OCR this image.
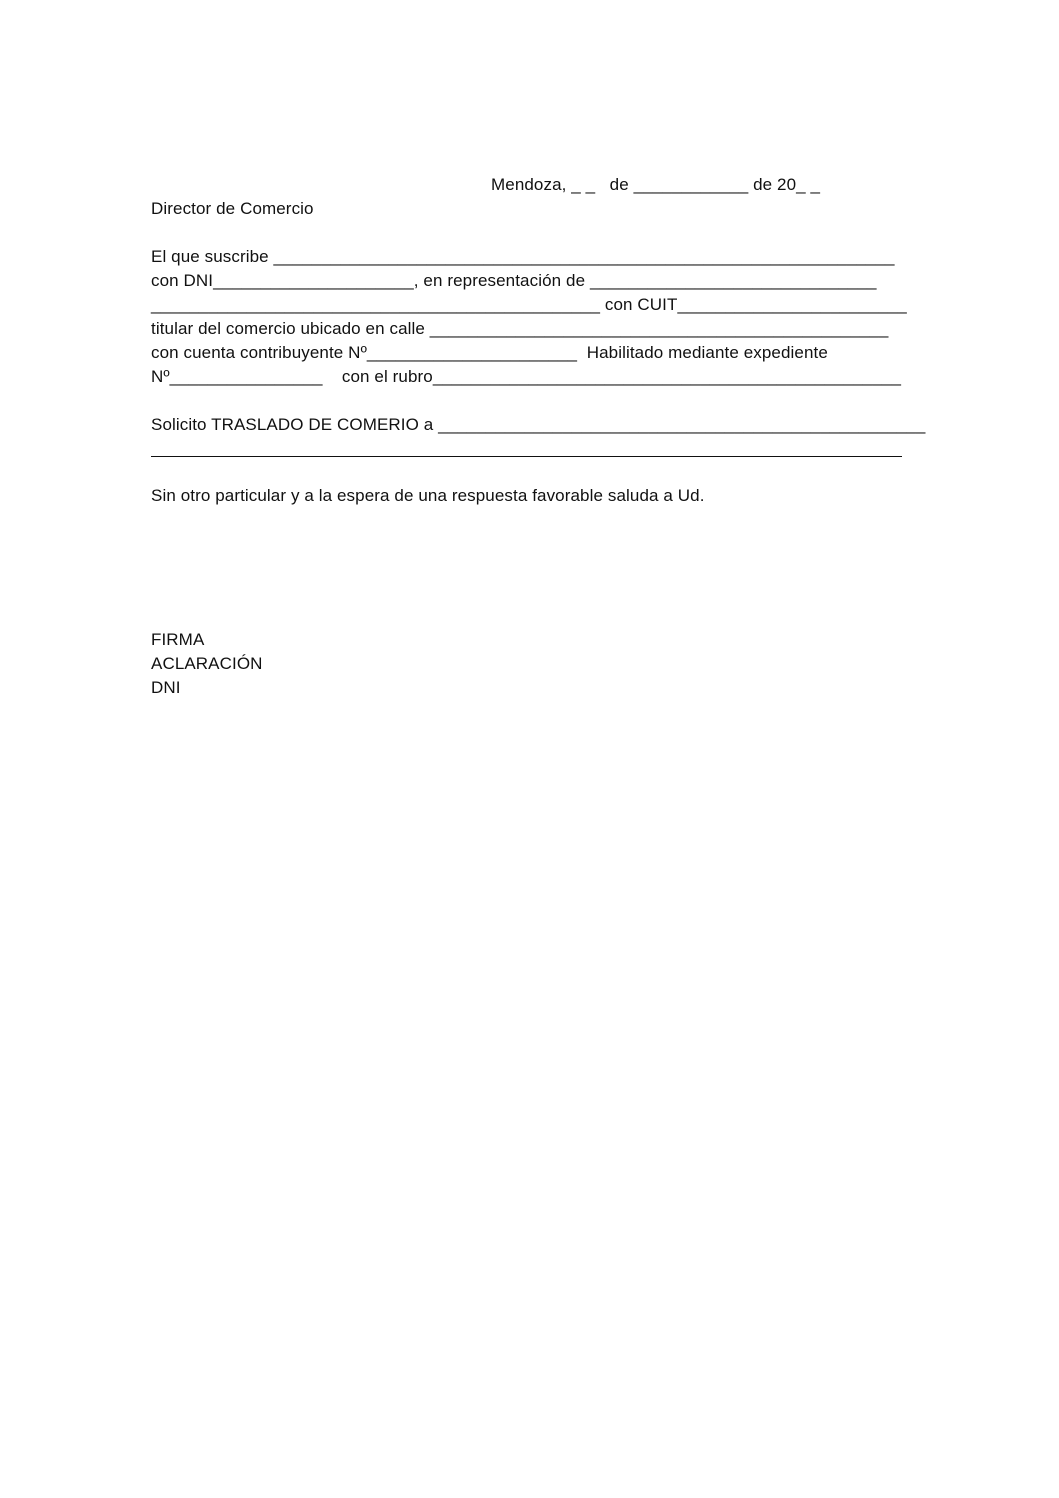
Mendoza, _ _   de ____________ de 20_ _
Director de Comercio
El que suscribe _________________________________________________________________
con DNI_____________________, en representación de ______________________________
_______________________________________________ con CUIT________________________
titular del comercio ubicado en calle ________________________________________________
con cuenta contribuyente Nº______________________  Habilitado mediante expediente
Nº________________    con el rubro_________________________________________________
Solicito TRASLADO DE COMERIO a ___________________________________________________
Sin otro particular y a la espera de una respuesta favorable saluda a Ud.
FIRMA
ACLARACIÓN
DNI
